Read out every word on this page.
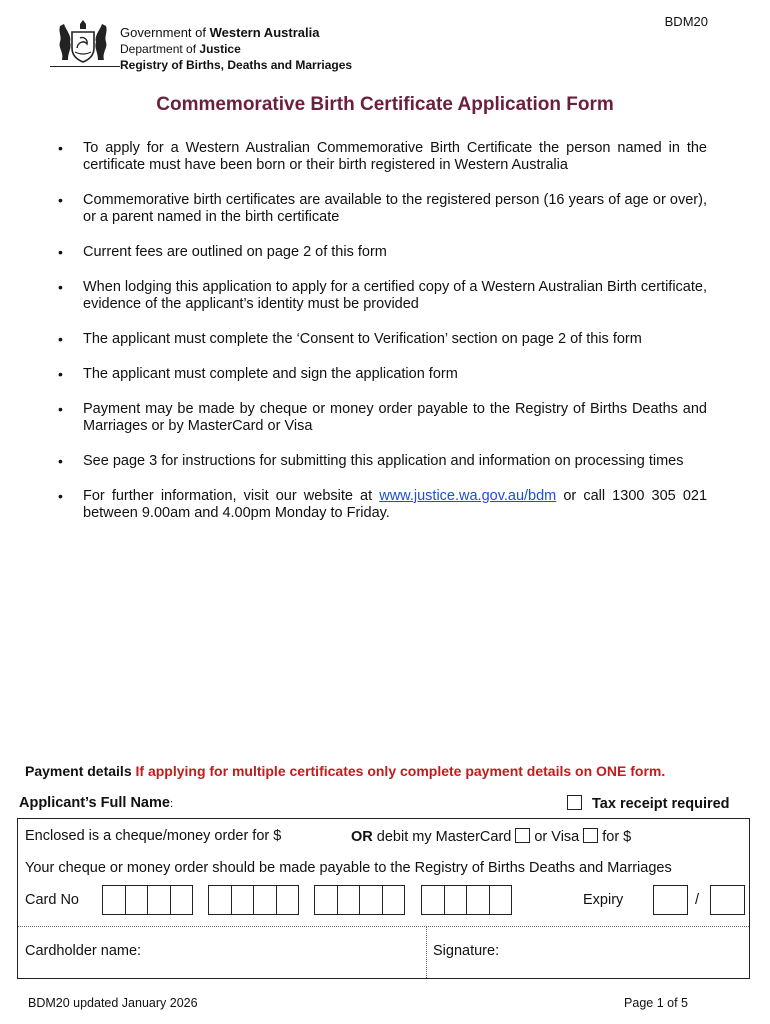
BDM20
Government of Western Australia
Department of Justice
Registry of Births, Deaths and Marriages
Commemorative Birth Certificate Application Form
• To apply for a Western Australian Commemorative Birth Certificate the person named in the certificate must have been born or their birth registered in Western Australia
• Commemorative birth certificates are available to the registered person (16 years of age or over), or a parent named in the birth certificate
• Current fees are outlined on page 2 of this form
• When lodging this application to apply for a certified copy of a Western Australian Birth certificate, evidence of the applicant’s identity must be provided
• The applicant must complete the ‘Consent to Verification’ section on page 2 of this form
• The applicant must complete and sign the application form
• Payment may be made by cheque or money order payable to the Registry of Births Deaths and Marriages or by MasterCard or Visa
• See page 3 for instructions for submitting this application and information on processing times
• For further information, visit our website at www.justice.wa.gov.au/bdm or call 1300 305 021 between 9.00am and 4.00pm Monday to Friday.
Payment details If applying for multiple certificates only complete payment details on ONE form.
Applicant’s Full Name:	Tax receipt required
Enclosed is a cheque/money order for $	OR debit my MasterCard or Visa for $
Your cheque or money order should be made payable to the Registry of Births Deaths and Marriages
Card No	Expiry	/
Cardholder name:	Signature:
BDM20 updated January 2026	Page 1 of 5
